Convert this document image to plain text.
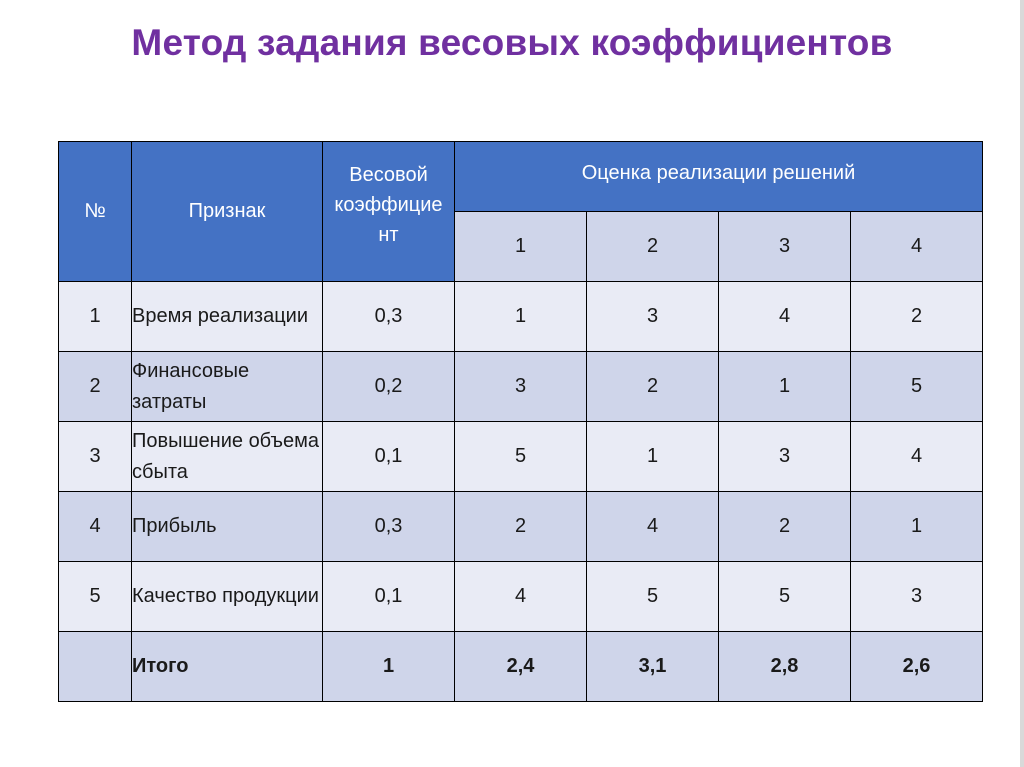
Метод задания весовых коэффициентов
№	Признак	Весовой коэффицие нт	Оценка реализации решений			

			1	2	3	4
1	Время реализации	0,3	1	3	4	2
2	Финансовые затраты	0,2	3	2	1	5
3	Повышение объема сбыта	0,1	5	1	3	4
4	Прибыль	0,3	2	4	2	1
5	Качество продукции	0,1	4	5	5	3
	Итого	1	2,4	3,1	2,8	2,6
